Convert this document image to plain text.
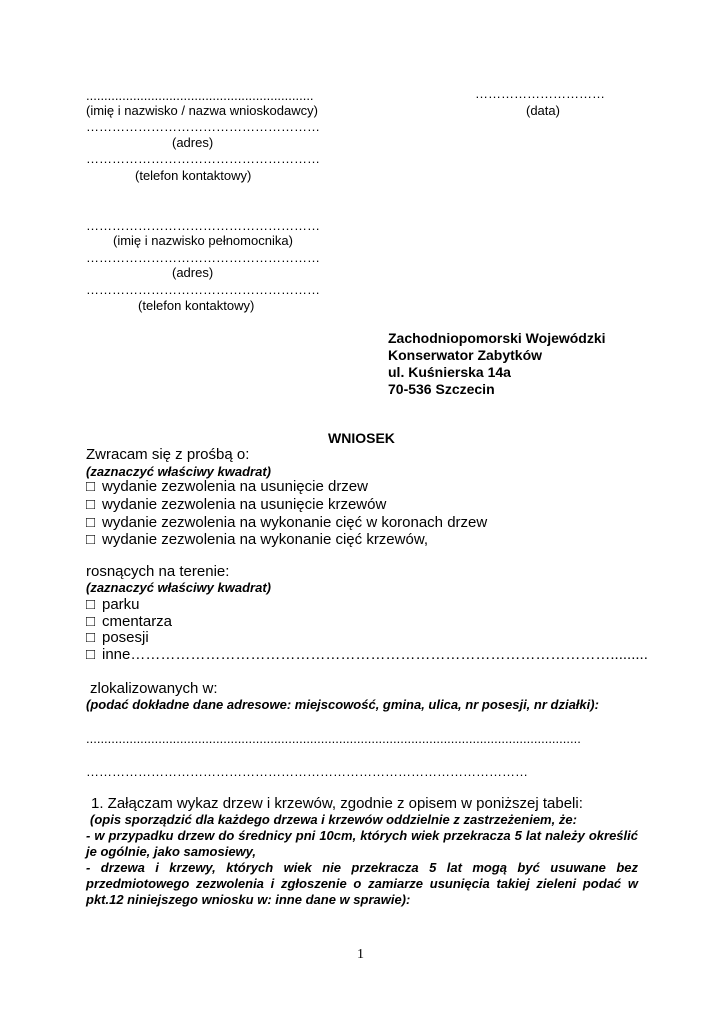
...............................................................	…………………………
(imię i nazwisko / nazwa wnioskodawcy)	(data)
………………………………………………
(adres)
………………………………………………
(telefon kontaktowy)
………………………………………………
(imię i nazwisko pełnomocnika)
………………………………………………
(adres)
………………………………………………
(telefon kontaktowy)
Zachodniopomorski Wojewódzki
Konserwator Zabytków
ul. Kuśnierska 14a
70-536 Szczecin
WNIOSEK
Zwracam się z prośbą o:
(zaznaczyć właściwy kwadrat)
□ wydanie zezwolenia na usunięcie drzew
□ wydanie zezwolenia na usunięcie krzewów
□ wydanie zezwolenia na wykonanie cięć w koronach drzew
□ wydanie zezwolenia na wykonanie cięć krzewów,
rosnących na terenie:
(zaznaczyć właściwy kwadrat)
□ parku
□ cmentarza
□ posesji
□ inne…………………………………………………………………………………….........
zlokalizowanych w:
(podać dokładne dane adresowe: miejscowość, gmina, ulica, nr posesji, nr działki):
.........................................................................................................................................
…………………………………………………………………………………………
1. Załączam wykaz drzew i krzewów, zgodnie z opisem w poniższej tabeli:
(opis sporządzić dla każdego drzewa i krzewów oddzielnie z zastrzeżeniem, że:
- w przypadku drzew do średnicy pni 10cm, których wiek przekracza 5 lat należy określić je ogólnie, jako samosiewy,
- drzewa i krzewy, których wiek nie przekracza 5 lat mogą być usuwane bez przedmiotowego zezwolenia i zgłoszenie o zamiarze usunięcia takiej zieleni podać w pkt.12 niniejszego wniosku w: inne dane w sprawie):
1
